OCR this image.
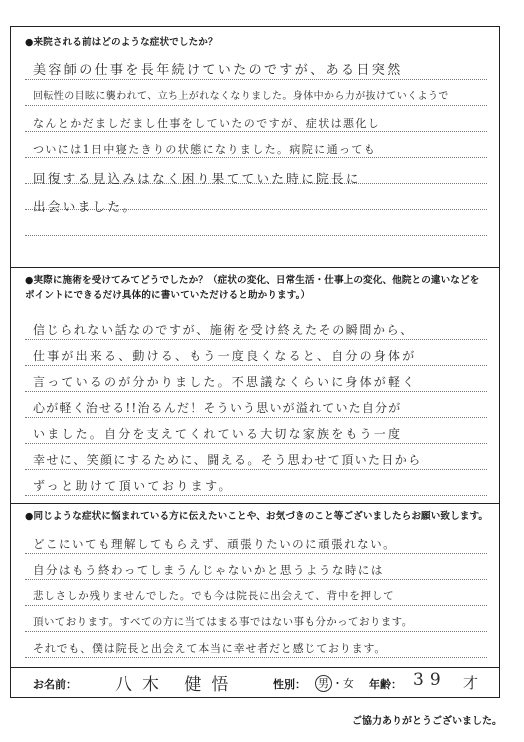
●来院される前はどのような症状でしたか？
美容師の仕事を長年続けていたのですが、ある日突然
回転性の目眩に襲われて、立ち上がれなくなりました。身体中から力が抜けていくようで
なんとかだましだまし仕事をしていたのですが、症状は悪化し
ついには1日中寝たきりの状態になりました。病院に通っても
回復する見込みはなく困り果てていた時に院長に
出会いました。
●実際に施術を受けてみてどうでしたか？（症状の変化、日常生活・仕事上の変化、他院との違いなどをポイントにできるだけ具体的に書いていただけると助かります。）
信じられない話なのですが、施術を受け終えたその瞬間から、
仕事が出来る、動ける、もう一度良くなると、自分の身体が
言っているのが分かりました。不思議なくらいに身体が軽く
心が軽く治せる!!治るんだ！そういう思いが溢れていた自分が
いました。自分を支えてくれている大切な家族をもう一度
幸せに、笑顔にするために、闘える。そう思わせて頂いた日から
ずっと助けて頂いております。
●同じような症状に悩まれている方に伝えたいことや、お気づきのこと等ございましたらお願い致します。
どこにいても理解してもらえず、頑張りたいのに頑張れない。
自分はもう終わってしまうんじゃないかと思うような時には
悲しさしか残りませんでした。でも今は院長に出会えて、背中を押して
頂いております。すべての方に当てはまる事ではない事も分かっております。
それでも、僕は院長と出会えて本当に幸せ者だと感じております。
お名前： 八木 健悟	性別： 男 ・女 年齢： 39 才
ご協力ありがとうございました。
